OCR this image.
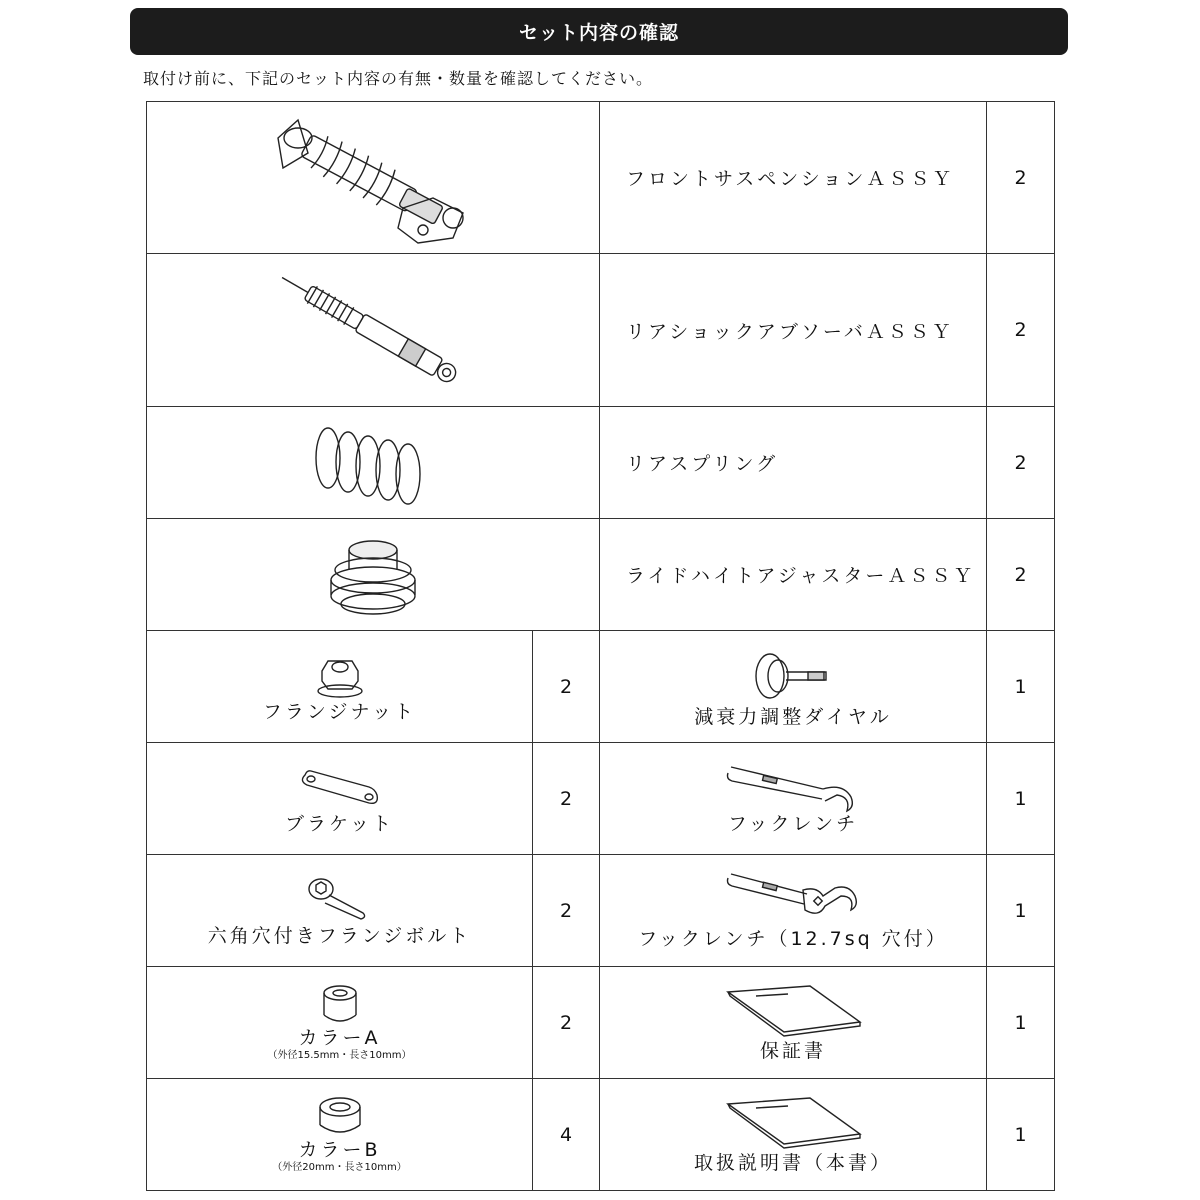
セット内容の確認
取付け前に、下記のセット内容の有無・数量を確認してください。
	フロントサスペンションＡＳＳＹ	2

	リアショックアブソーバＡＳＳＹ	2

	リアスプリング	2

	ライドハイトアジャスターＡＳＳＹ	2

フランジナット	2	減衰力調整ダイヤル	1

ブラケット	2	フックレンチ	1

六角穴付きフランジボルト	2	フックレンチ（12.7sq 穴付）	1

カラーA
（外径15.5mm・長さ10mm）	2	保証書	1

カラーB
（外径20mm・長さ10mm）	4	取扱説明書（本書）	1
